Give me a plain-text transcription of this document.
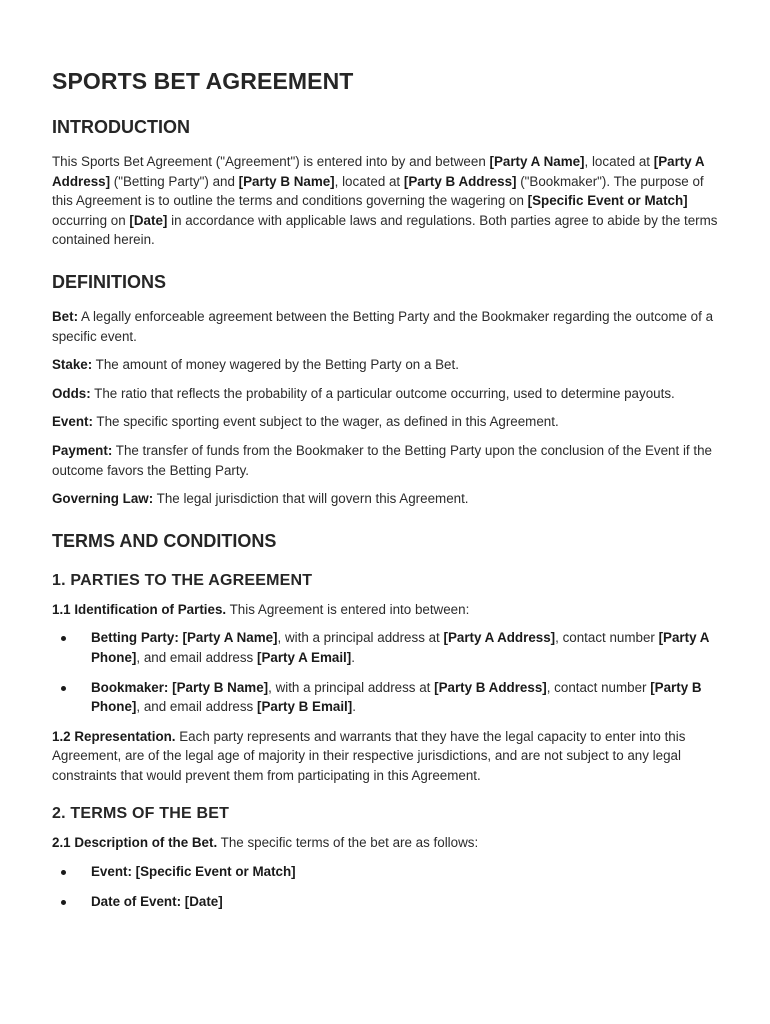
SPORTS BET AGREEMENT
INTRODUCTION

This Sports Bet Agreement ("Agreement") is entered into by and between [Party A Name], located at [Party A Address] ("Betting Party") and [Party B Name], located at [Party B Address] ("Bookmaker"). The purpose of this Agreement is to outline the terms and conditions governing the wagering on [Specific Event or Match] occurring on [Date] in accordance with applicable laws and regulations. Both parties agree to abide by the terms contained herein.

DEFINITIONS

Bet: A legally enforceable agreement between the Betting Party and the Bookmaker regarding the outcome of a specific event.

Stake: The amount of money wagered by the Betting Party on a Bet.

Odds: The ratio that reflects the probability of a particular outcome occurring, used to determine payouts.

Event: The specific sporting event subject to the wager, as defined in this Agreement.

Payment: The transfer of funds from the Bookmaker to the Betting Party upon the conclusion of the Event if the outcome favors the Betting Party.

Governing Law: The legal jurisdiction that will govern this Agreement.

TERMS AND CONDITIONS
1. PARTIES TO THE AGREEMENT

1.1 Identification of Parties. This Agreement is entered into between:

Betting Party: [Party A Name], with a principal address at [Party A Address], contact number [Party A Phone], and email address [Party A Email].
Bookmaker: [Party B Name], with a principal address at [Party B Address], contact number [Party B Phone], and email address [Party B Email].

1.2 Representation. Each party represents and warrants that they have the legal capacity to enter into this Agreement, are of the legal age of majority in their respective jurisdictions, and are not subject to any legal constraints that would prevent them from participating in this Agreement.

2. TERMS OF THE BET

2.1 Description of the Bet. The specific terms of the bet are as follows:

Event: [Specific Event or Match]
Date of Event: [Date]
